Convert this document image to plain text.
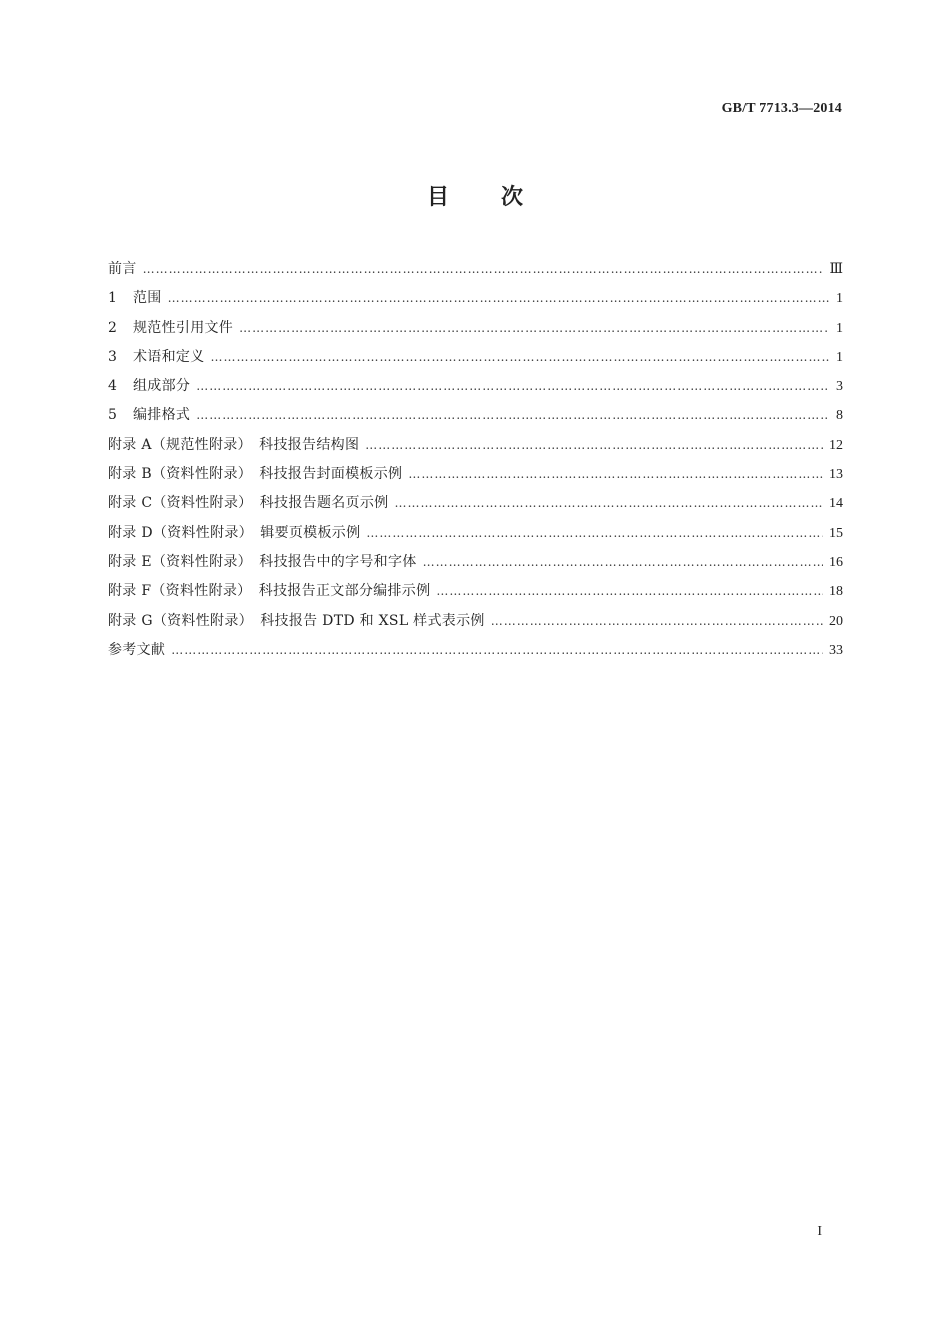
GB/T 7713.3—2014
目 次
前言 …………………………………………………………………………………………………………………………………………………………………………………………	Ⅲ
1	范围 …………………………………………………………………………………………………………………………………………………………………………………………	1
2	规范性引用文件 …………………………………………………………………………………………………………………………………………………………………………………………	1
3	术语和定义 …………………………………………………………………………………………………………………………………………………………………………………………	1
4	组成部分 …………………………………………………………………………………………………………………………………………………………………………………………	3
5	编排格式 …………………………………………………………………………………………………………………………………………………………………………………………	8
附录 A（规范性附录）　科技报告结构图 …………………………………………………………………………………………………………………………………………………………………………………………	12
附录 B（资料性附录）　科技报告封面模板示例 …………………………………………………………………………………………………………………………………………………………………………………………	13
附录 C（资料性附录）　科技报告题名页示例 …………………………………………………………………………………………………………………………………………………………………………………………	14
附录 D（资料性附录）　辑要页模板示例 …………………………………………………………………………………………………………………………………………………………………………………………	15
附录 E（资料性附录）　科技报告中的字号和字体 …………………………………………………………………………………………………………………………………………………………………………………………	16
附录 F（资料性附录）　科技报告正文部分编排示例 …………………………………………………………………………………………………………………………………………………………………………………………	18
附录 G（资料性附录）　科技报告 DTD 和 XSL 样式表示例 …………………………………………………………………………………………………………………………………………………………………………………………	20
参考文献 …………………………………………………………………………………………………………………………………………………………………………………………	33
I
